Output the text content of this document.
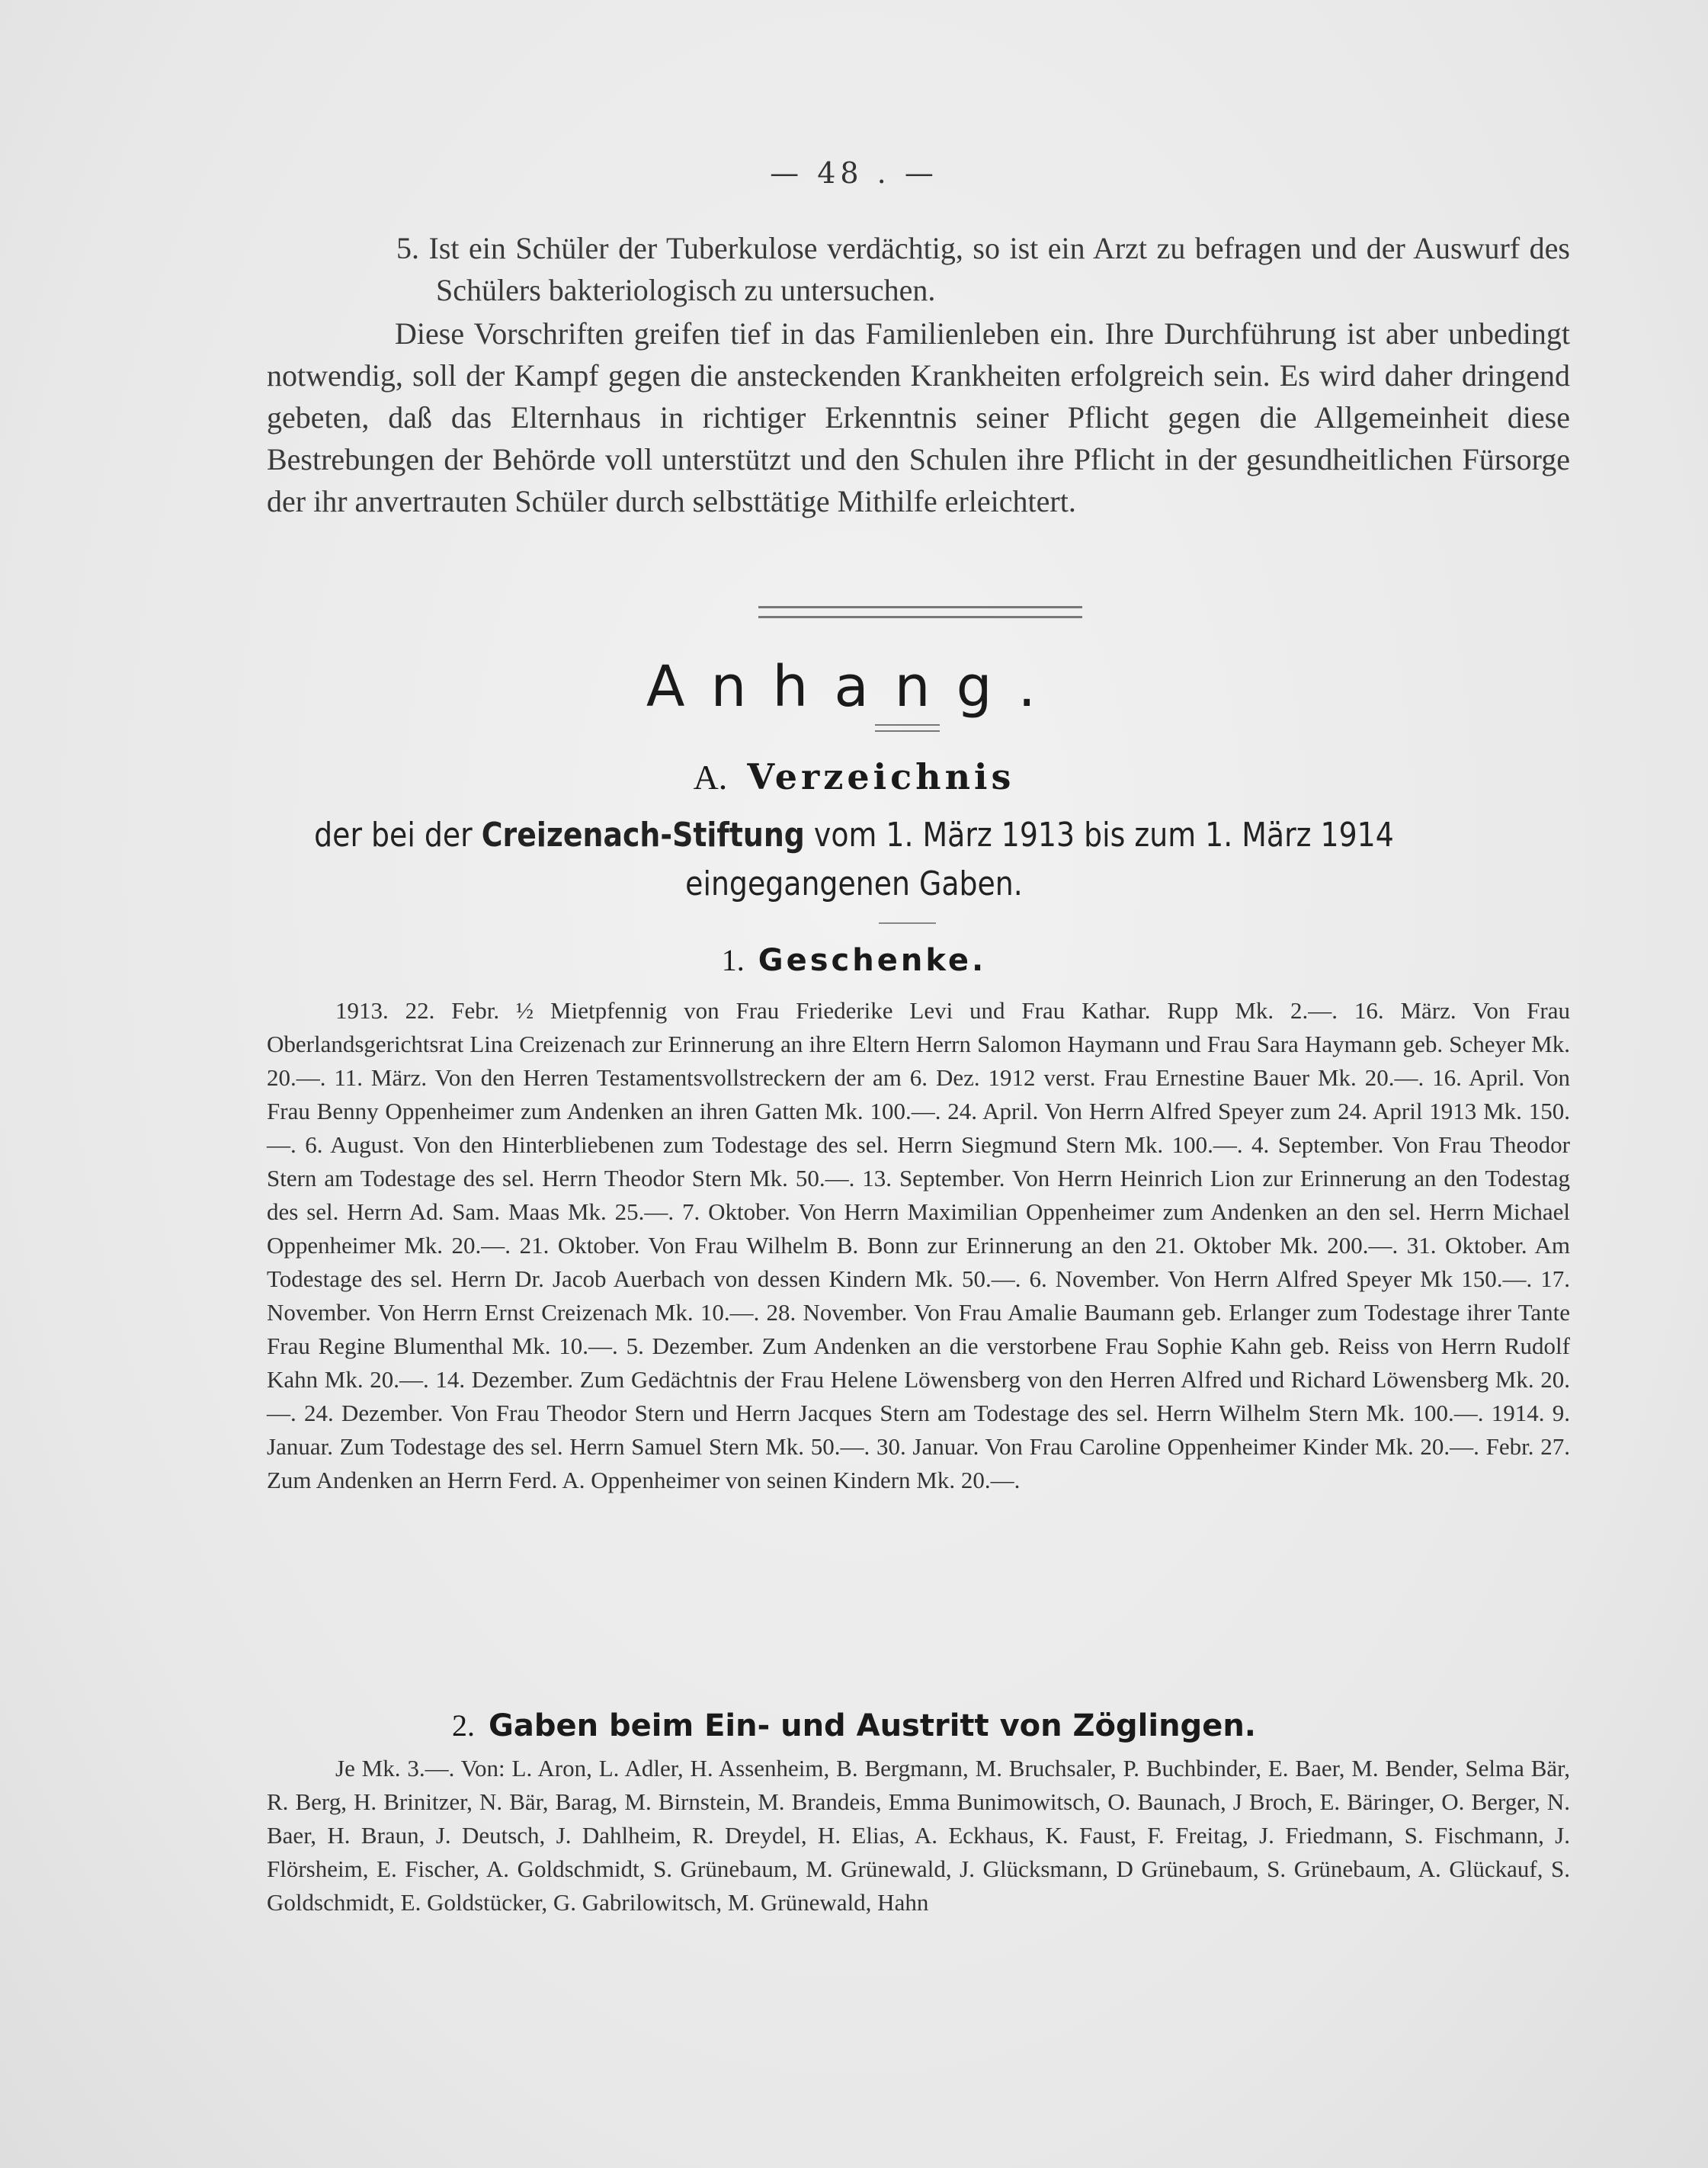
— 48 . —

5. Ist ein Schüler der Tuberkulose verdächtig, so ist ein Arzt zu befragen und der Auswurf des Schülers bakteriologisch zu untersuchen.

Diese Vorschriften greifen tief in das Familienleben ein. Ihre Durchführung ist aber unbedingt notwendig, soll der Kampf gegen die ansteckenden Krankheiten erfolgreich sein. Es wird daher dringend gebeten, daß das Elternhaus in richtiger Erkenntnis seiner Pflicht gegen die Allgemeinheit diese Bestrebungen der Behörde voll unterstützt und den Schulen ihre Pflicht in der gesundheitlichen Fürsorge der ihr anvertrauten Schüler durch selbsttätige Mithilfe erleichtert.

Anhang.
A. Verzeichnis
der bei der Creizenach-Stiftung vom 1. März 1913 bis zum 1. März 1914
eingegangenen Gaben.
1. Geschenke.

1913. 22. Febr. ½ Mietpfennig von Frau Friederike Levi und Frau Kathar. Rupp Mk. 2.—. 16. März. Von Frau Oberlandsgerichtsrat Lina Creizenach zur Erinnerung an ihre Eltern Herrn Salomon Haymann und Frau Sara Haymann geb. Scheyer Mk. 20.—. 11. März. Von den Herren Testamentsvollstreckern der am 6. Dez. 1912 verst. Frau Ernestine Bauer Mk. 20.—. 16. April. Von Frau Benny Oppenheimer zum Andenken an ihren Gatten Mk. 100.—. 24. April. Von Herrn Alfred Speyer zum 24. April 1913 Mk. 150.—. 6. August. Von den Hinterbliebenen zum Todestage des sel. Herrn Siegmund Stern Mk. 100.—. 4. September. Von Frau Theodor Stern am Todestage des sel. Herrn Theodor Stern Mk. 50.—. 13. September. Von Herrn Heinrich Lion zur Erinnerung an den Todestag des sel. Herrn Ad. Sam. Maas Mk. 25.—. 7. Oktober. Von Herrn Maximilian Oppenheimer zum Andenken an den sel. Herrn Michael Oppenheimer Mk. 20.—. 21. Oktober. Von Frau Wilhelm B. Bonn zur Erinnerung an den 21. Oktober Mk. 200.—. 31. Oktober. Am Todestage des sel. Herrn Dr. Jacob Auerbach von dessen Kindern Mk. 50.—. 6. November. Von Herrn Alfred Speyer Mk 150.—. 17. November. Von Herrn Ernst Creizenach Mk. 10.—. 28. November. Von Frau Amalie Baumann geb. Erlanger zum Todestage ihrer Tante Frau Regine Blumenthal Mk. 10.—. 5. Dezember. Zum Andenken an die verstorbene Frau Sophie Kahn geb. Reiss von Herrn Rudolf Kahn Mk. 20.—. 14. Dezember. Zum Gedächtnis der Frau Helene Löwensberg von den Herren Alfred und Richard Löwensberg Mk. 20.—. 24. Dezember. Von Frau Theodor Stern und Herrn Jacques Stern am Todestage des sel. Herrn Wilhelm Stern Mk. 100.—. 1914. 9. Januar. Zum Todestage des sel. Herrn Samuel Stern Mk. 50.—. 30. Januar. Von Frau Caroline Oppenheimer Kinder Mk. 20.—. Febr. 27. Zum Andenken an Herrn Ferd. A. Oppenheimer von seinen Kindern Mk. 20.—.

2. Gaben beim Ein- und Austritt von Zöglingen.

Je Mk. 3.—. Von: L. Aron, L. Adler, H. Assenheim, B. Bergmann, M. Bruchsaler, P. Buchbinder, E. Baer, M. Bender, Selma Bär, R. Berg, H. Brinitzer, N. Bär, Barag, M. Birnstein, M. Brandeis, Emma Bunimowitsch, O. Baunach, J Broch, E. Bäringer, O. Berger, N. Baer, H. Braun, J. Deutsch, J. Dahlheim, R. Dreydel, H. Elias, A. Eckhaus, K. Faust, F. Freitag, J. Friedmann, S. Fischmann, J. Flörsheim, E. Fischer, A. Goldschmidt, S. Grünebaum, M. Grünewald, J. Glücksmann, D Grünebaum, S. Grünebaum, A. Glückauf, S. Goldschmidt, E. Goldstücker, G. Gabrilowitsch, M. Grünewald, Hahn
